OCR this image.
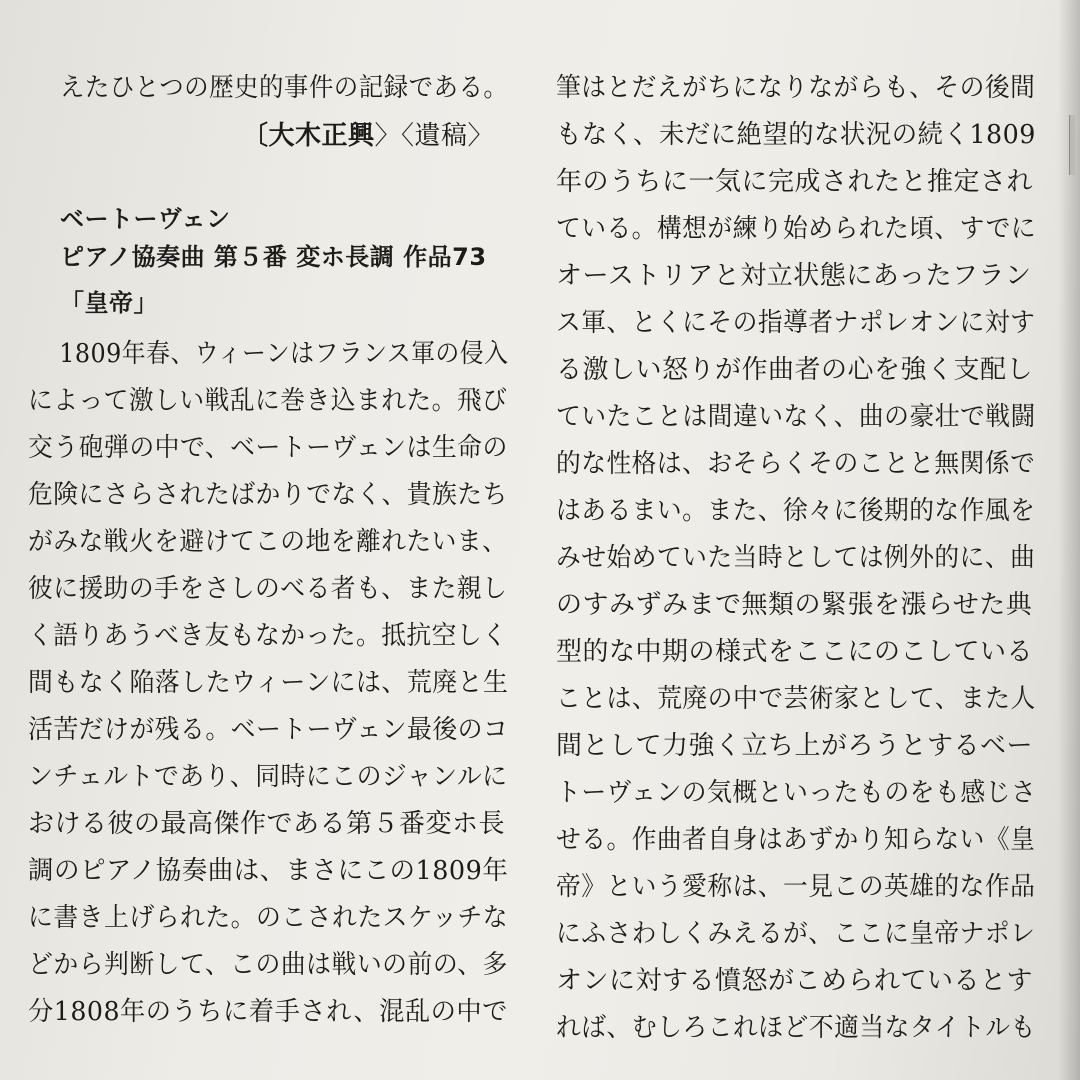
えたひとつの歴史的事件の記録である。
〔大木正興〉〈遺稿〉
ベートーヴェン
ピアノ協奏曲 第５番 変ホ長調 作品73
「皇帝」
1809年春、ウィーンはフランス軍の侵入
によって激しい戦乱に巻き込まれた。飛び
交う砲弾の中で、ベートーヴェンは生命の
危険にさらされたばかりでなく、貴族たち
がみな戦火を避けてこの地を離れたいま、
彼に援助の手をさしのべる者も、また親し
く語りあうべき友もなかった。抵抗空しく
間もなく陥落したウィーンには、荒廃と生
活苦だけが残る。ベートーヴェン最後のコ
ンチェルトであり、同時にこのジャンルに
おける彼の最高傑作である第５番変ホ長
調のピアノ協奏曲は、まさにこの1809年
に書き上げられた。のこされたスケッチな
どから判断して、この曲は戦いの前の、多
分1808年のうちに着手され、混乱の中で
筆はとだえがちになりながらも、その後間
もなく、未だに絶望的な状況の続く1809
年のうちに一気に完成されたと推定され
ている。構想が練り始められた頃、すでに
オーストリアと対立状態にあったフラン
ス軍、とくにその指導者ナポレオンに対す
る激しい怒りが作曲者の心を強く支配し
ていたことは間違いなく、曲の豪壮で戦闘
的な性格は、おそらくそのことと無関係で
はあるまい。また、徐々に後期的な作風を
みせ始めていた当時としては例外的に、曲
のすみずみまで無類の緊張を漲らせた典
型的な中期の様式をここにのこしている
ことは、荒廃の中で芸術家として、また人
間として力強く立ち上がろうとするベー
トーヴェンの気概といったものをも感じさ
せる。作曲者自身はあずかり知らない《皇
帝》という愛称は、一見この英雄的な作品
にふさわしくみえるが、ここに皇帝ナポレ
オンに対する憤怒がこめられているとす
れば、むしろこれほど不適当なタイトルも
